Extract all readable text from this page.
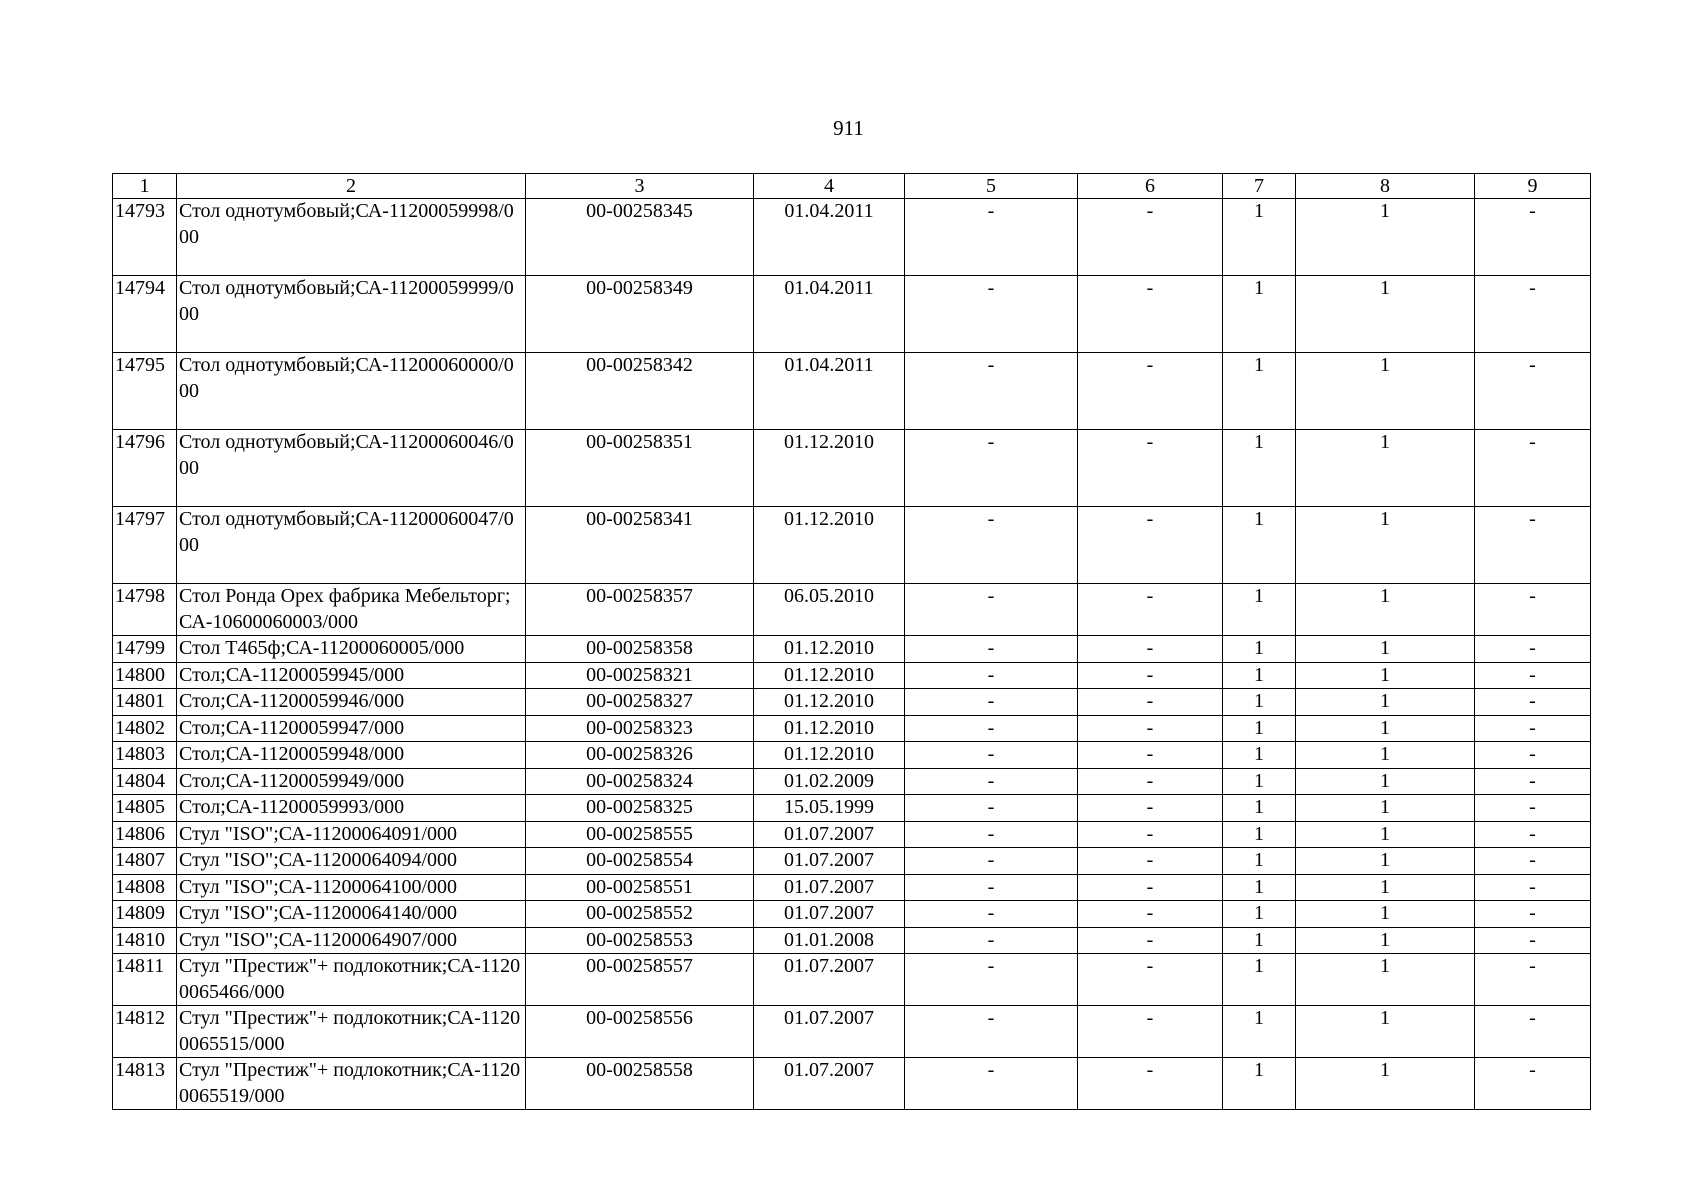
911
1	2	3	4	5	6	7	8	9
14793	Стол однотумбовый;СА-11200059998/000	00-00258345	01.04.2011	-	-	1	1	-
14794	Стол однотумбовый;СА-11200059999/000	00-00258349	01.04.2011	-	-	1	1	-
14795	Стол однотумбовый;СА-11200060000/000	00-00258342	01.04.2011	-	-	1	1	-
14796	Стол однотумбовый;СА-11200060046/000	00-00258351	01.12.2010	-	-	1	1	-
14797	Стол однотумбовый;СА-11200060047/000	00-00258341	01.12.2010	-	-	1	1	-
14798	Стол Ронда Орех фабрика Мебельторг;СА-10600060003/000	00-00258357	06.05.2010	-	-	1	1	-
14799	Стол Т465ф;СА-11200060005/000	00-00258358	01.12.2010	-	-	1	1	-
14800	Стол;СА-11200059945/000	00-00258321	01.12.2010	-	-	1	1	-
14801	Стол;СА-11200059946/000	00-00258327	01.12.2010	-	-	1	1	-
14802	Стол;СА-11200059947/000	00-00258323	01.12.2010	-	-	1	1	-
14803	Стол;СА-11200059948/000	00-00258326	01.12.2010	-	-	1	1	-
14804	Стол;СА-11200059949/000	00-00258324	01.02.2009	-	-	1	1	-
14805	Стол;СА-11200059993/000	00-00258325	15.05.1999	-	-	1	1	-
14806	Стул "ISO";СА-11200064091/000	00-00258555	01.07.2007	-	-	1	1	-
14807	Стул "ISO";СА-11200064094/000	00-00258554	01.07.2007	-	-	1	1	-
14808	Стул "ISO";СА-11200064100/000	00-00258551	01.07.2007	-	-	1	1	-
14809	Стул "ISO";СА-11200064140/000	00-00258552	01.07.2007	-	-	1	1	-
14810	Стул "ISO";СА-11200064907/000	00-00258553	01.01.2008	-	-	1	1	-
14811	Стул "Престиж"+ подлокотник;СА-11200065466/000	00-00258557	01.07.2007	-	-	1	1	-
14812	Стул "Престиж"+ подлокотник;СА-11200065515/000	00-00258556	01.07.2007	-	-	1	1	-
14813	Стул "Престиж"+ подлокотник;СА-11200065519/000	00-00258558	01.07.2007	-	-	1	1	-
